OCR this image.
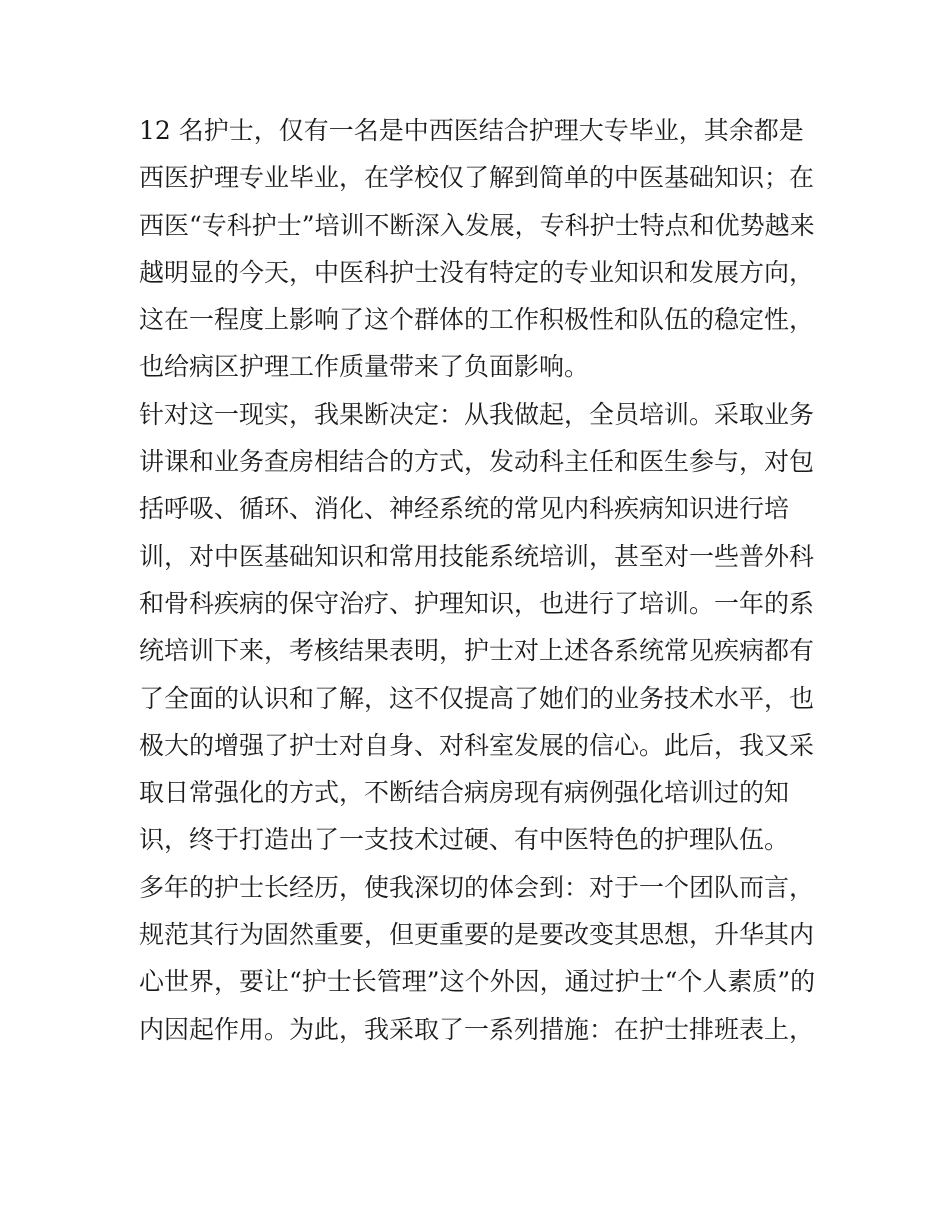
12 名护士，仅有一名是中西医结合护理大专毕业，其余都是
西医护理专业毕业，在学校仅了解到简单的中医基础知识；在
西医“专科护士”培训不断深入发展，专科护士特点和优势越来
越明显的今天，中医科护士没有特定的专业知识和发展方向，
这在一程度上影响了这个群体的工作积极性和队伍的稳定性，
也给病区护理工作质量带来了负面影响。
针对这一现实，我果断决定：从我做起，全员培训。采取业务
讲课和业务查房相结合的方式，发动科主任和医生参与，对包
括呼吸、循环、消化、神经系统的常见内科疾病知识进行培
训，对中医基础知识和常用技能系统培训，甚至对一些普外科
和骨科疾病的保守治疗、护理知识，也进行了培训。一年的系
统培训下来，考核结果表明，护士对上述各系统常见疾病都有
了全面的认识和了解，这不仅提高了她们的业务技术水平，也
极大的增强了护士对自身、对科室发展的信心。此后，我又采
取日常强化的方式，不断结合病房现有病例强化培训过的知
识，终于打造出了一支技术过硬、有中医特色的护理队伍。
多年的护士长经历，使我深切的体会到：对于一个团队而言，
规范其行为固然重要，但更重要的是要改变其思想，升华其内
心世界，要让“护士长管理”这个外因，通过护士“个人素质”的
内因起作用。为此，我采取了一系列措施：在护士排班表上，
